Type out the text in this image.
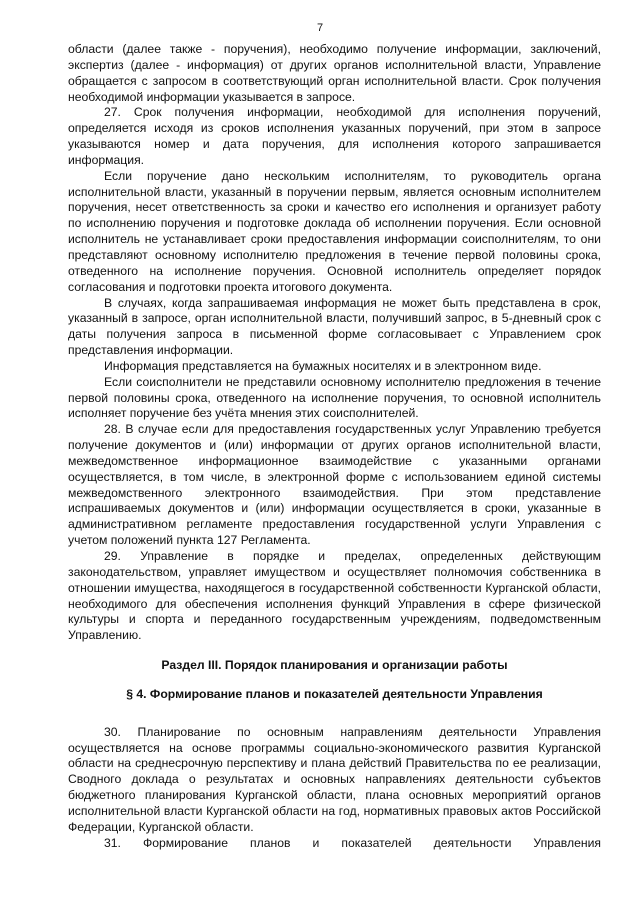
7

области (далее также - поручения), необходимо получение информации, заключений, экспертиз (далее - информация) от других органов исполнительной власти, Управление обращается с запросом в соответствующий орган исполнительной власти. Срок получения необходимой информации указывается в запросе.

27. Срок получения информации, необходимой для исполнения поручений, определяется исходя из сроков исполнения указанных поручений, при этом в запросе указываются номер и дата поручения, для исполнения которого запрашивается информация.

Если поручение дано нескольким исполнителям, то руководитель органа исполнительной власти, указанный в поручении первым, является основным исполнителем поручения, несет ответственность за сроки и качество его исполнения и организует работу по исполнению поручения и подготовке доклада об исполнении поручения. Если основной исполнитель не устанавливает сроки предоставления информации соисполнителям, то они представляют основному исполнителю предложения в течение первой половины срока, отведенного на исполнение поручения. Основной исполнитель определяет порядок согласования и подготовки проекта итогового документа.

В случаях, когда запрашиваемая информация не может быть представлена в срок, указанный в запросе, орган исполнительной власти, получивший запрос, в 5-дневный срок с даты получения запроса в письменной форме согласовывает с Управлением срок представления информации.

Информация представляется на бумажных носителях и в электронном виде.

Если соисполнители не представили основному исполнителю предложения в течение первой половины срока, отведенного на исполнение поручения, то основной исполнитель исполняет поручение без учёта мнения этих соисполнителей.

28. В случае если для предоставления государственных услуг Управлению требуется получение документов и (или) информации от других органов исполнительной власти, межведомственное информационное взаимодействие с указанными органами осуществляется, в том числе, в электронной форме с использованием единой системы межведомственного электронного взаимодействия. При этом представление испрашиваемых документов и (или) информации осуществляется в сроки, указанные в административном регламенте предоставления государственной услуги Управления с учетом положений пункта 127 Регламента.

29. Управление в порядке и пределах, определенных действующим законодательством, управляет имуществом и осуществляет полномочия собственника в отношении имущества, находящегося в государственной собственности Курганской области, необходимого для обеспечения исполнения функций Управления в сфере физической культуры и спорта и переданного государственным учреждениям, подведомственным Управлению.

Раздел III. Порядок планирования и организации работы
§ 4. Формирование планов и показателей деятельности Управления

30. Планирование по основным направлениям деятельности Управления осуществляется на основе программы социально-экономического развития Курганской области на среднесрочную перспективу и плана действий Правительства по ее реализации, Сводного доклада о результатах и основных направлениях деятельности субъектов бюджетного планирования Курганской области, плана основных мероприятий органов исполнительной власти Курганской области на год, нормативных правовых актов Российской Федерации, Курганской области.

31. Формирование планов и показателей деятельности Управления
